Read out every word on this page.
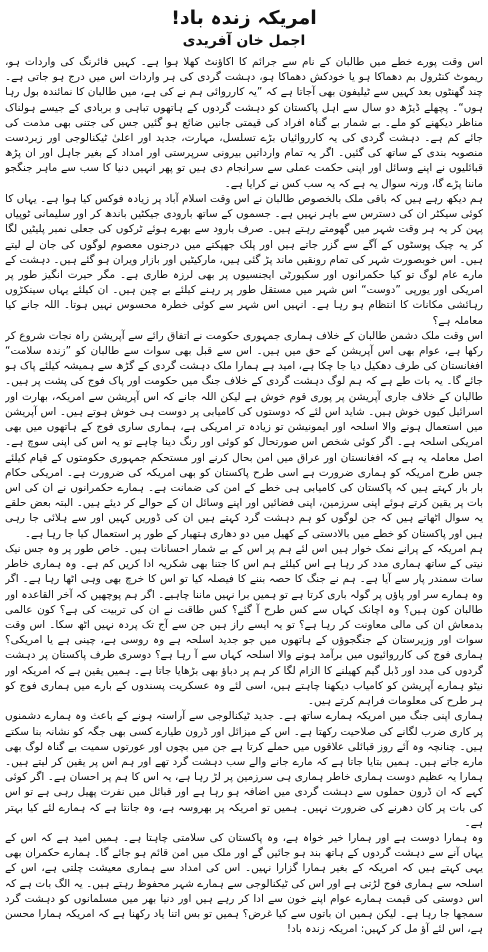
امریکہ زندہ باد!
اجمل خان آفریدی

اس وقت پورے خطے میں طالبان کے نام سے جرائم کا اکاؤنٹ کھلا ہوا ہے۔ کہیں فائرنگ کی واردات ہو، ریموٹ کنٹرول بم دھماکا ہو یا خودکش دھماکا ہو، دہشت گردی کی ہر واردات اس میں درج ہو جاتی ہے۔ چند گھنٹوں بعد کہیں سے ٹیلیفون بھی آجاتا ہے کہ ”یہ کارروائی ہم نے کی ہے، میں طالبان کا نمائندہ بول رہا ہوں“۔ پچھلے ڈیڑھ دو سال سے اہل پاکستان کو دہشت گردوں کے ہاتھوں تباہی و بربادی کے جیسے ہولناک مناظر دیکھنے کو ملے۔ بے شمار بے گناہ افراد کی قیمتی جانیں ضائع ہو گئیں جس کی جتنی بھی مذمت کی جائے کم ہے۔ دہشت گردی کی یہ کارروائیاں بڑے تسلسل، مہارت، جدید اور اعلیٰ ٹیکنالوجی اور زبردست منصوبہ بندی کے ساتھ کی گئیں۔ اگر یہ تمام وارداتیں بیرونی سرپرستی اور امداد کے بغیر جاہل اور ان پڑھ قبائلیوں نے اپنے وسائل اور اپنی حکمت عملی سے سرانجام دی ہیں تو پھر انہیں دنیا کا سب سے ماہر جنگجو ماننا پڑے گا، ورنہ سوال یہ ہے کہ یہ سب کس نے کرایا ہے۔

ہم دیکھ رہے ہیں کہ باقی ملک بالخصوص طالبان نے اس وقت اسلام آباد پر زیادہ فوکس کیا ہوا ہے۔ یہاں کا کوئی سیکٹر ان کی دسترس سے باہر نہیں ہے۔ جسموں کے ساتھ بارودی جیکٹیں باندھ کر اور سلیمانی ٹوپیاں پہن کر یہ ہر وقت شہر میں گھومتے رہتے ہیں۔ صرف بارود سے بھرے ہوئے ٹرکوں کی جعلی نمبر پلیٹیں لگا کر یہ چیک پوسٹوں کے آگے سے گزر جاتے ہیں اور پلک جھپکتے میں درجنوں معصوم لوگوں کی جان لے لیتے ہیں۔ اس خوبصورت شہر کی تمام رونقیں ماند پڑ گئی ہیں، مارکیٹیں اور بازار ویران ہو گئے ہیں۔ دہشت کے مارے عام لوگ تو کیا حکمرانوں اور سکیورٹی ایجنسیوں پر بھی لرزہ طاری ہے۔ مگر حیرت انگیز طور پر امریکی اور یورپی ”دوست“ اس شہر میں مستقل طور پر رہنے کیلئے بے چین ہیں۔ ان کیلئے یہاں سینکڑوں رہائشی مکانات کا انتظام ہو رہا ہے۔ انہیں اس شہر سے کوئی خطرہ محسوس نہیں ہوتا۔ اللہ جانے کیا معاملہ ہے؟

اس وقت ملک دشمن طالبان کے خلاف ہماری جمہوری حکومت نے اتفاق رائے سے آپریشن راہ نجات شروع کر رکھا ہے، عوام بھی اس آپریشن کے حق میں ہیں۔ اس سے قبل بھی سوات سے طالبان کو ”زندہ سلامت“ افغانستان کی طرف دھکیل دیا جا چکا ہے، امید ہے ہمارا ملک دہشت گردی کے گڑھ سے ہمیشہ کیلئے پاک ہو جائے گا۔ یہ بات طے ہے کہ ہم لوگ دہشت گردی کے خلاف جنگ میں حکومت اور پاک فوج کی پشت پر ہیں۔ طالبان کے خلاف جاری آپریشن پر پوری قوم خوش ہے لیکن اللہ جانے کہ اس آپریشن سے امریکہ، بھارت اور اسرائیل کیوں خوش ہیں۔ شاید اس لئے کہ دوستوں کی کامیابی پر دوست ہی خوش ہوتے ہیں۔ اس آپریشن میں استعمال ہونے والا اسلحہ اور ایمونیشن تو زیادہ تر امریکی ہے، ہماری ساری فوج کے ہاتھوں میں بھی امریکی اسلحہ ہے۔ اگر کوئی شخص اس صورتحال کو کوئی اور رنگ دینا چاہے تو یہ اس کی اپنی سوچ ہے۔ اصل معاملہ یہ ہے کہ افغانستان اور عراق میں امن بحال کرنے اور مستحکم جمہوری حکومتوں کے قیام کیلئے جس طرح امریکہ کو ہماری ضرورت ہے اسی طرح پاکستان کو بھی امریکہ کی ضرورت ہے۔ امریکی حکام بار بار کہتے ہیں کہ پاکستان کی کامیابی ہی خطے کے امن کی ضمانت ہے۔ ہمارے حکمرانوں نے ان کی اس بات پر یقین کرتے ہوئے اپنی سرزمین، اپنی فضائیں اور اپنے وسائل ان کے حوالے کر دیئے ہیں۔ البتہ بعض حلقے یہ سوال اٹھاتے ہیں کہ جن لوگوں کو ہم دہشت گرد کہتے ہیں ان کی ڈوریں کہیں اور سے ہلائی جا رہی ہیں اور پاکستان کو خطے میں بالادستی کے کھیل میں دو دھاری ہتھیار کے طور پر استعمال کیا جا رہا ہے۔

ہم امریکہ کے پرانے نمک خوار ہیں اس لئے ہم پر اس کے بے شمار احسانات ہیں۔ خاص طور پر وہ جس نیک نیتی کے ساتھ ہماری مدد کر رہا ہے اس کیلئے ہم اس کا جتنا بھی شکریہ ادا کریں کم ہے۔ وہ ہماری خاطر سات سمندر پار سے آیا ہے۔ ہم نے جنگ کا حصہ بننے کا فیصلہ کیا تو اس کا خرچ بھی وہی اٹھا رہا ہے۔ اگر وہ ہمارے سر اور پاؤں پر گولہ باری کرتا ہے تو ہمیں برا نہیں ماننا چاہیے۔ اگر ہم پوچھیں کہ آخر القاعدہ اور طالبان کون ہیں؟ وہ اچانک کہاں سے کس طرح آ گئے؟ کس طاقت نے ان کی تربیت کی ہے؟ کون عالمی بدمعاش ان کی مالی معاونت کر رہا ہے؟ تو یہ ایسے راز ہیں جن سے آج تک پردہ نہیں اٹھ سکا۔ اس وقت سوات اور وزیرستان کے جنگجوؤں کے ہاتھوں میں جو جدید اسلحہ ہے وہ روسی ہے، چینی ہے یا امریکی؟ ہماری فوج کی کارروائیوں میں برآمد ہونے والا اسلحہ کہاں سے آ رہا ہے؟ دوسری طرف پاکستان پر دہشت گردوں کی مدد اور ڈبل گیم کھیلنے کا الزام لگا کر ہم پر دباؤ بھی بڑھایا جاتا ہے۔ ہمیں یقین ہے کہ امریکہ اور نیٹو ہمارے آپریشن کو کامیاب دیکھنا چاہتے ہیں، اسی لئے وہ عسکریت پسندوں کے بارے میں ہماری فوج کو ہر طرح کی معلومات فراہم کرتے ہیں۔

ہماری اپنی جنگ میں امریکہ ہمارے ساتھ ہے۔ جدید ٹیکنالوجی سے آراستہ ہونے کے باعث وہ ہمارے دشمنوں پر کاری ضرب لگانے کی صلاحیت رکھتا ہے۔ اس کے میزائل اور ڈرون طیارے کسی بھی جگہ کو نشانہ بنا سکتے ہیں۔ چنانچہ وہ آئے روز قبائلی علاقوں میں حملے کرتا ہے جن میں بچوں اور عورتوں سمیت بے گناہ لوگ بھی مارے جاتے ہیں۔ ہمیں بتایا جاتا ہے کہ مارے جانے والے سب دہشت گرد تھے اور ہم اس پر یقین کر لیتے ہیں۔ ہمارا یہ عظیم دوست ہماری خاطر ہماری ہی سرزمین پر لڑ رہا ہے، یہ اس کا ہم پر احسان ہے۔ اگر کوئی کہے کہ ان ڈرون حملوں سے دہشت گردی میں اضافہ ہو رہا ہے اور قبائل میں نفرت پھیل رہی ہے تو اس کی بات پر کان دھرنے کی ضرورت نہیں۔ ہمیں تو امریکہ پر بھروسہ ہے، وہ جانتا ہے کہ ہمارے لئے کیا بہتر ہے۔

وہ ہمارا دوست ہے اور ہمارا خیر خواہ ہے، وہ پاکستان کی سلامتی چاہتا ہے۔ ہمیں امید ہے کہ اس کے یہاں آنے سے دہشت گردوں کے ہاتھ بند ہو جائیں گے اور ملک میں امن قائم ہو جائے گا۔ ہمارے حکمران بھی یہی کہتے ہیں کہ امریکہ کے بغیر ہمارا گزارا نہیں۔ اس کی امداد سے ہماری معیشت چلتی ہے، اس کے اسلحہ سے ہماری فوج لڑتی ہے اور اس کی ٹیکنالوجی سے ہمارے شہر محفوظ رہتے ہیں۔ یہ الگ بات ہے کہ اس دوستی کی قیمت ہمارے عوام اپنے خون سے ادا کر رہے ہیں اور دنیا بھر میں مسلمانوں کو دہشت گرد سمجھا جا رہا ہے۔ لیکن ہمیں ان باتوں سے کیا غرض؟ ہمیں تو بس اتنا یاد رکھنا ہے کہ امریکہ ہمارا محسن ہے، اس لئے آؤ مل کر کہیں: امریکہ زندہ باد!
